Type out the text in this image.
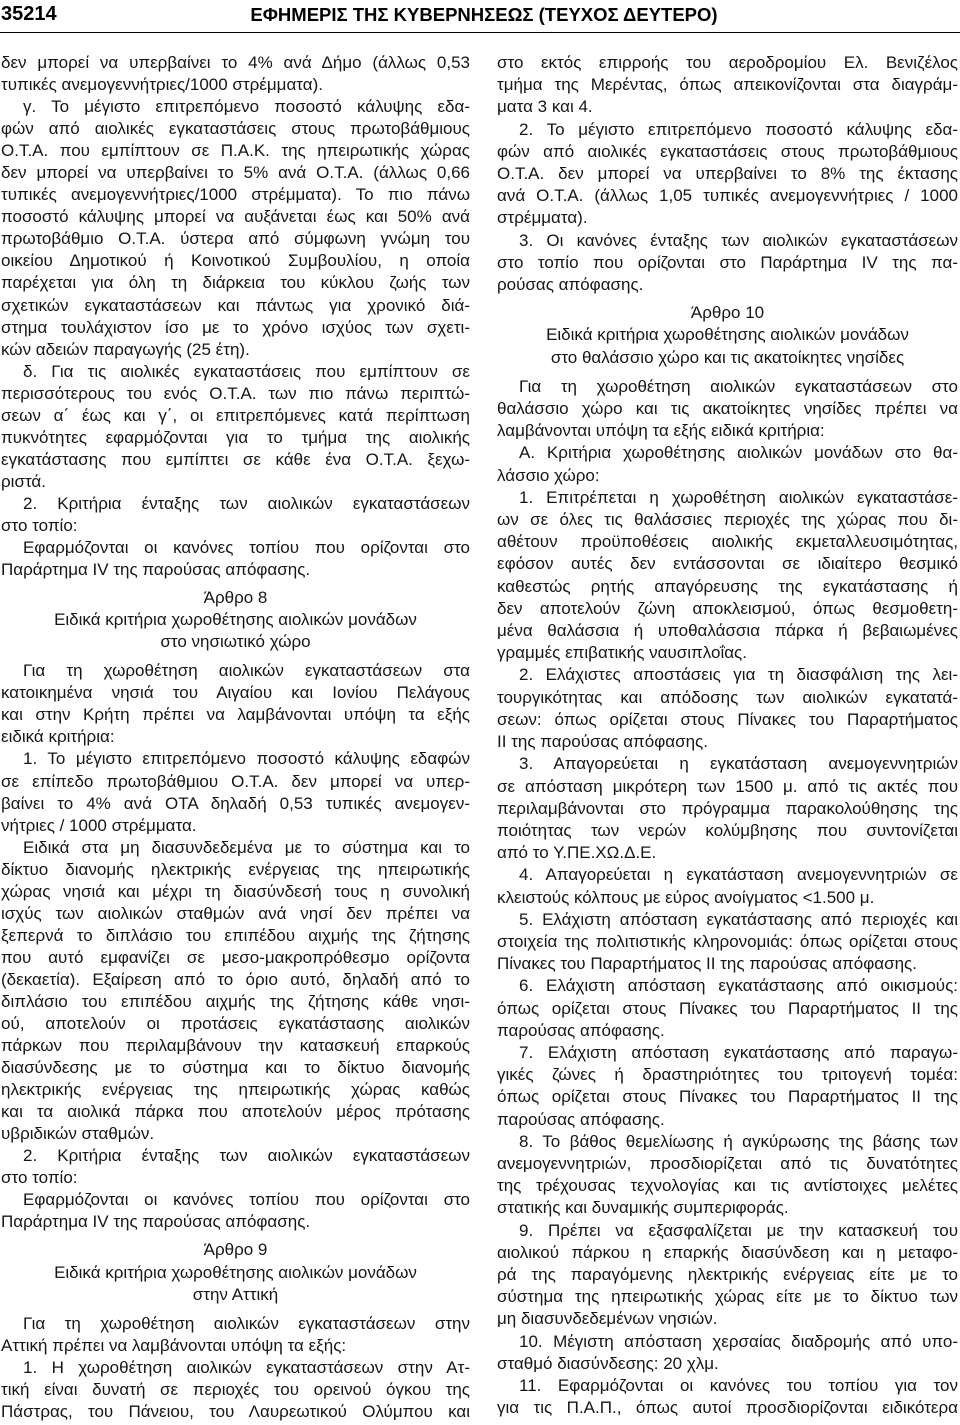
35214	ΕΦΗΜΕΡΙΣ ΤΗΣ ΚΥΒΕΡΝΗΣΕΩΣ (ΤΕΥΧΟΣ ΔΕΥΤΕΡΟ)
δεν μπορεί να υπερβαίνει το 4% ανά Δήμο (άλλως 0,53
τυπικές ανεμογεννήτριες/1000 στρέμματα).
γ. Το μέγιστο επιτρεπόμενο ποσοστό κάλυψης εδα-
φών από αιολικές εγκαταστάσεις στους πρωτοβάθμιους
Ο.Τ.Α. που εμπίπτουν σε Π.Α.Κ. της ηπειρωτικής χώρας
δεν μπορεί να υπερβαίνει το 5% ανά Ο.Τ.Α. (άλλως 0,66
τυπικές ανεμογεννήτριες/1000 στρέμματα). Το πιο πάνω
ποσοστό κάλυψης μπορεί να αυξάνεται έως και 50% ανά
πρωτοβάθμιο Ο.Τ.Α. ύστερα από σύμφωνη γνώμη του
οικείου Δημοτικού ή Κοινοτικού Συμβουλίου, η οποία
παρέχεται για όλη τη διάρκεια του κύκλου ζωής των
σχετικών εγκαταστάσεων και πάντως για χρονικό διά-
στημα τουλάχιστον ίσο με το χρόνο ισχύος των σχετι-
κών αδειών παραγωγής (25 έτη).
δ. Για τις αιολικές εγκαταστάσεις που εμπίπτουν σε
περισσότερους του ενός Ο.Τ.Α. των πιο πάνω περιπτώ-
σεων α΄ έως και γ΄, οι επιτρεπόμενες κατά περίπτωση
πυκνότητες εφαρμόζονται για το τμήμα της αιολικής
εγκατάστασης που εμπίπτει σε κάθε ένα Ο.Τ.Α. ξεχω-
ριστά.
2. Κριτήρια ένταξης των αιολικών εγκαταστάσεων
στο τοπίο:
Εφαρμόζονται οι κανόνες τοπίου που ορίζονται στο
Παράρτημα IV της παρούσας απόφασης.
Άρθρο 8
Ειδικά κριτήρια χωροθέτησης αιολικών μονάδων
στο νησιωτικό χώρο
Για τη χωροθέτηση αιολικών εγκαταστάσεων στα
κατοικημένα νησιά του Αιγαίου και Ιονίου Πελάγους
και στην Κρήτη πρέπει να λαμβάνονται υπόψη τα εξής
ειδικά κριτήρια:
1. Το μέγιστο επιτρεπόμενο ποσοστό κάλυψης εδαφών
σε επίπεδο πρωτοβάθμιου Ο.Τ.Α. δεν μπορεί να υπερ-
βαίνει το 4% ανά ΟΤΑ δηλαδή 0,53 τυπικές ανεμογεν-
νήτριες / 1000 στρέμματα.
Ειδικά στα μη διασυνδεδεμένα με το σύστημα και το
δίκτυο διανομής ηλεκτρικής ενέργειας της ηπειρωτικής
χώρας νησιά και μέχρι τη διασύνδεσή τους η συνολική
ισχύς των αιολικών σταθμών ανά νησί δεν πρέπει να
ξεπερνά το διπλάσιο του επιπέδου αιχμής της ζήτησης
που αυτό εμφανίζει σε μεσο-μακροπρόθεσμο ορίζοντα
(δεκαετία). Εξαίρεση από το όριο αυτό, δηλαδή από το
διπλάσιο του επιπέδου αιχμής της ζήτησης κάθε νησι-
ού, αποτελούν οι προτάσεις εγκατάστασης αιολικών
πάρκων που περιλαμβάνουν την κατασκευή επαρκούς
διασύνδεσης με το σύστημα και το δίκτυο διανομής
ηλεκτρικής ενέργειας της ηπειρωτικής χώρας καθώς
και τα αιολικά πάρκα που αποτελούν μέρος πρότασης
υβριδικών σταθμών.
2. Κριτήρια ένταξης των αιολικών εγκαταστάσεων
στο τοπίο:
Εφαρμόζονται οι κανόνες τοπίου που ορίζονται στο
Παράρτημα IV της παρούσας απόφασης.
Άρθρο 9
Ειδικά κριτήρια χωροθέτησης αιολικών μονάδων
στην Αττική
Για τη χωροθέτηση αιολικών εγκαταστάσεων στην
Αττική πρέπει να λαμβάνονται υπόψη τα εξής:
1. Η χωροθέτηση αιολικών εγκαταστάσεων στην Ατ-
τική είναι δυνατή σε περιοχές του ορεινού όγκου της
Πάστρας, του Πάνειου, του Λαυρεωτικού Ολύμπου και
στο εκτός επιρροής του αεροδρομίου Ελ. Βενιζέλος
τμήμα της Μερέντας, όπως απεικονίζονται στα διαγράμ-
ματα 3 και 4.
2. Το μέγιστο επιτρεπόμενο ποσοστό κάλυψης εδα-
φών από αιολικές εγκαταστάσεις στους πρωτοβάθμιους
Ο.Τ.Α. δεν μπορεί να υπερβαίνει το 8% της έκτασης
ανά Ο.Τ.Α. (άλλως 1,05 τυπικές ανεμογεννήτριες / 1000
στρέμματα).
3. Οι κανόνες ένταξης των αιολικών εγκαταστάσεων
στο τοπίο που ορίζονται στο Παράρτημα IV της πα-
ρούσας απόφασης.
Άρθρο 10
Ειδικά κριτήρια χωροθέτησης αιολικών μονάδων
στο θαλάσσιο χώρο και τις ακατοίκητες νησίδες
Για τη χωροθέτηση αιολικών εγκαταστάσεων στο
θαλάσσιο χώρο και τις ακατοίκητες νησίδες πρέπει να
λαμβάνονται υπόψη τα εξής ειδικά κριτήρια:
Α. Κριτήρια χωροθέτησης αιολικών μονάδων στο θα-
λάσσιο χώρο:
1. Επιτρέπεται η χωροθέτηση αιολικών εγκαταστάσε-
ων σε όλες τις θαλάσσιες περιοχές της χώρας που δι-
αθέτουν προϋποθέσεις αιολικής εκμεταλλευσιμότητας,
εφόσον αυτές δεν εντάσσονται σε ιδιαίτερο θεσμικό
καθεστώς ρητής απαγόρευσης της εγκατάστασης ή
δεν αποτελούν ζώνη αποκλεισμού, όπως θεσμοθετη-
μένα θαλάσσια ή υποθαλάσσια πάρκα ή βεβαιωμένες
γραμμές επιβατικής ναυσιπλοΐας.
2. Ελάχιστες αποστάσεις για τη διασφάλιση της λει-
τουργικότητας και απόδοσης των αιολικών εγκατατά-
σεων: όπως ορίζεται στους Πίνακες του Παραρτήματος
ΙΙ της παρούσας απόφασης.
3. Απαγορεύεται η εγκατάσταση ανεμογεννητριών
σε απόσταση μικρότερη των 1500 μ. από τις ακτές που
περιλαμβάνονται στο πρόγραμμα παρακολούθησης της
ποιότητας των νερών κολύμβησης που συντονίζεται
από το Υ.ΠΕ.ΧΩ.Δ.Ε.
4. Απαγορεύεται η εγκατάσταση ανεμογεννητριών σε
κλειστούς κόλπους με εύρος ανοίγματος <1.500 μ.
5. Ελάχιστη απόσταση εγκατάστασης από περιοχές και
στοιχεία της πολιτιστικής κληρονομιάς: όπως ορίζεται στους
Πίνακες του Παραρτήματος ΙΙ της παρούσας απόφασης.
6. Ελάχιστη απόσταση εγκατάστασης από οικισμούς:
όπως ορίζεται στους Πίνακες του Παραρτήματος ΙΙ της
παρούσας απόφασης.
7. Ελάχιστη απόσταση εγκατάστασης από παραγω-
γικές ζώνες ή δραστηριότητες του τριτογενή τομέα:
όπως ορίζεται στους Πίνακες του Παραρτήματος ΙΙ της
παρούσας απόφασης.
8. Το βάθος θεμελίωσης ή αγκύρωσης της βάσης των
ανεμογεννητριών, προσδιορίζεται από τις δυνατότητες
της τρέχουσας τεχνολογίας και τις αντίστοιχες μελέτες
στατικής και δυναμικής συμπεριφοράς.
9. Πρέπει να εξασφαλίζεται με την κατασκευή του
αιολικού πάρκου η επαρκής διασύνδεση και η μεταφο-
ρά της παραγόμενης ηλεκτρικής ενέργειας είτε με το
σύστημα της ηπειρωτικής χώρας είτε με το δίκτυο των
μη διασυνδεδεμένων νησιών.
10. Μέγιστη απόσταση χερσαίας διαδρομής από υπο-
σταθμό διασύνδεσης: 20 χλμ.
11. Εφαρμόζονται οι κανόνες του τοπίου για τον
για τις Π.Α.Π., όπως αυτοί προσδιορίζονται ειδικότερα
